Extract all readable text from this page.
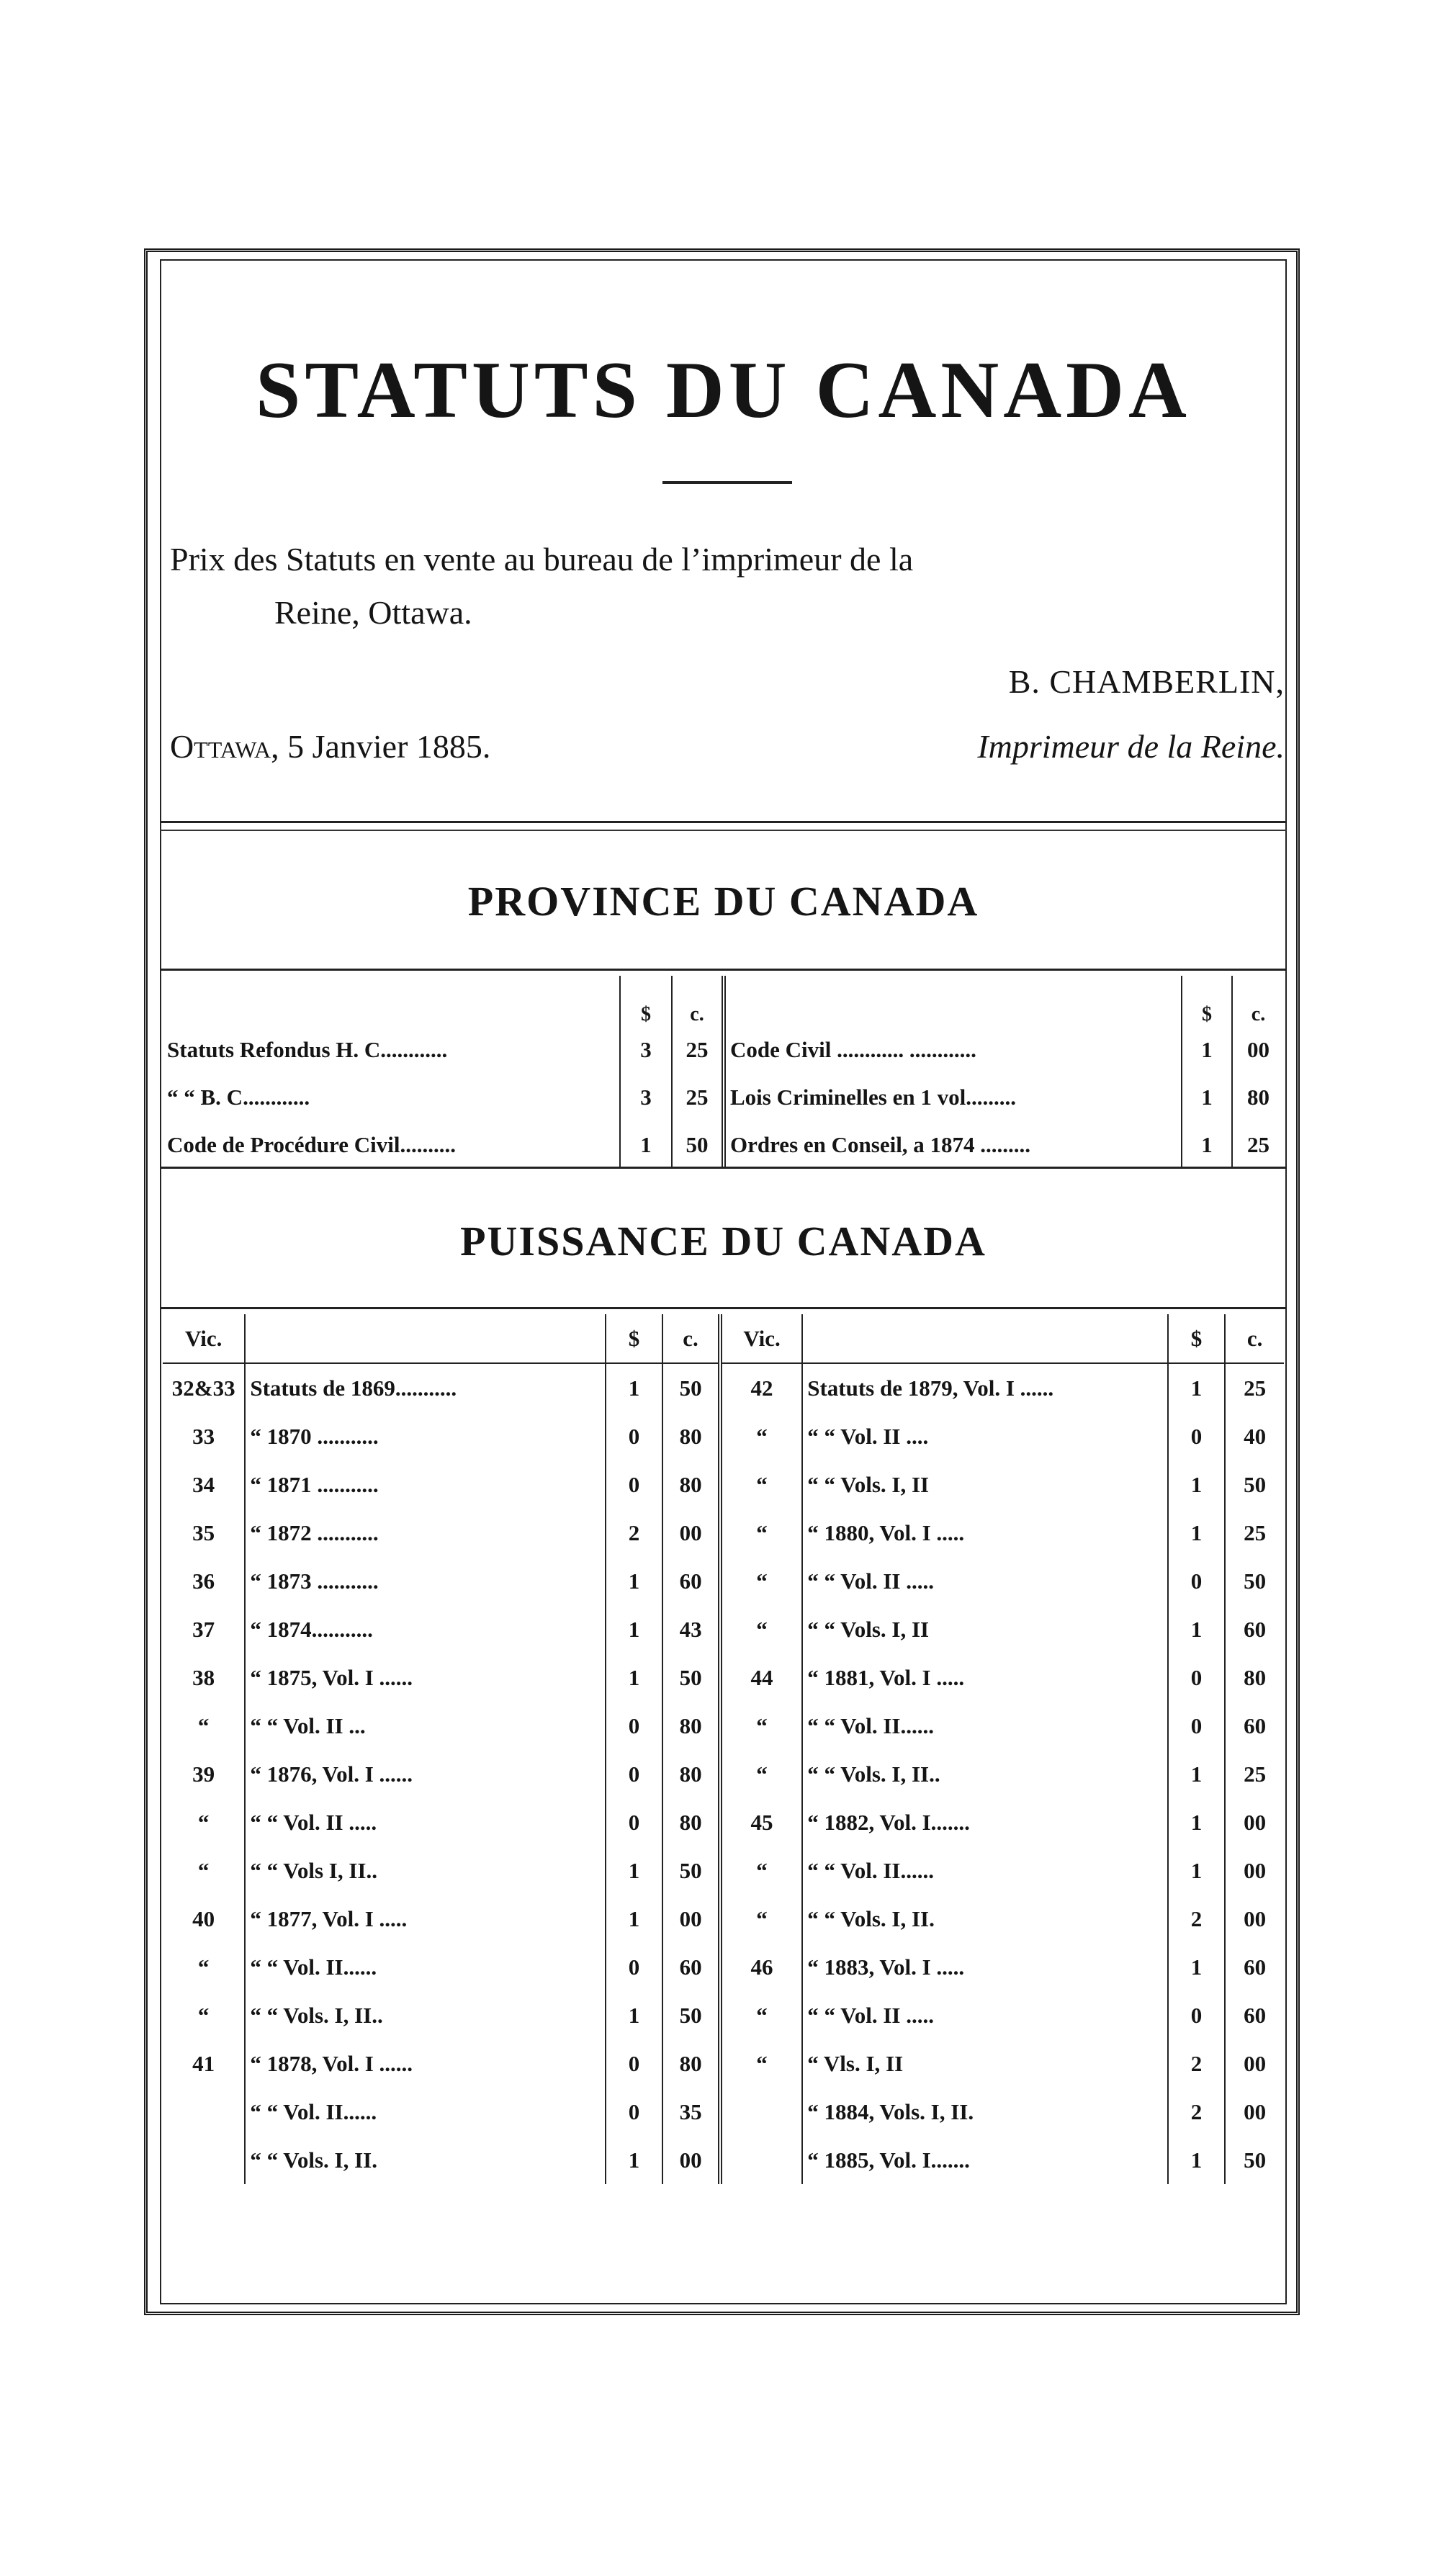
STATUTS DU CANADA

Prix des Statuts en vente au bureau de l’imprimeur de la
Reine, Ottawa.

B. CHAMBERLIN,
Ottawa, 5 Janvier 1885.	Imprimeur de la Reine.
PROVINCE DU CANADA
	$	c.		$	c.
Statuts Refondus H. C............	3	25	Code Civil ............ ............	1	00
“ “ B. C............	3	25	Lois Criminelles en 1 vol.........	1	80
Code de Procédure Civil..........	1	50	Ordres en Conseil, a 1874 .........	1	25
PUISSANCE DU CANADA
Vic.		$	c.	Vic.		$	c.
32&33	Statuts de 1869...........	1	50	42	Statuts de 1879, Vol. I ......	1	25
33	“ 1870 ...........	0	80	“	“ “ Vol. II ....	0	40
34	“ 1871 ...........	0	80	“	“ “ Vols. I, II	1	50
35	“ 1872 ...........	2	00	“	“ 1880, Vol. I .....	1	25
36	“ 1873 ...........	1	60	“	“ “ Vol. II .....	0	50
37	“ 1874...........	1	43	“	“ “ Vols. I, II	1	60
38	“ 1875, Vol. I ......	1	50	44	“ 1881, Vol. I .....	0	80
“	“ “ Vol. II ...	0	80	“	“ “ Vol. II......	0	60
39	“ 1876, Vol. I ......	0	80	“	“ “ Vols. I, II..	1	25
“	“ “ Vol. II .....	0	80	45	“ 1882, Vol. I.......	1	00
“	“ “ Vols I, II..	1	50	“	“ “ Vol. II......	1	00
40	“ 1877, Vol. I .....	1	00	“	“ “ Vols. I, II.	2	00
“	“ “ Vol. II......	0	60	46	“ 1883, Vol. I .....	1	60
“	“ “ Vols. I, II..	1	50	“	“ “ Vol. II .....	0	60
41	“ 1878, Vol. I ......	0	80	“	“ Vls. I, II	2	00
	“ “ Vol. II......	0	35		“ 1884, Vols. I, II.	2	00
	“ “ Vols. I, II.	1	00		“ 1885, Vol. I.......	1	50
